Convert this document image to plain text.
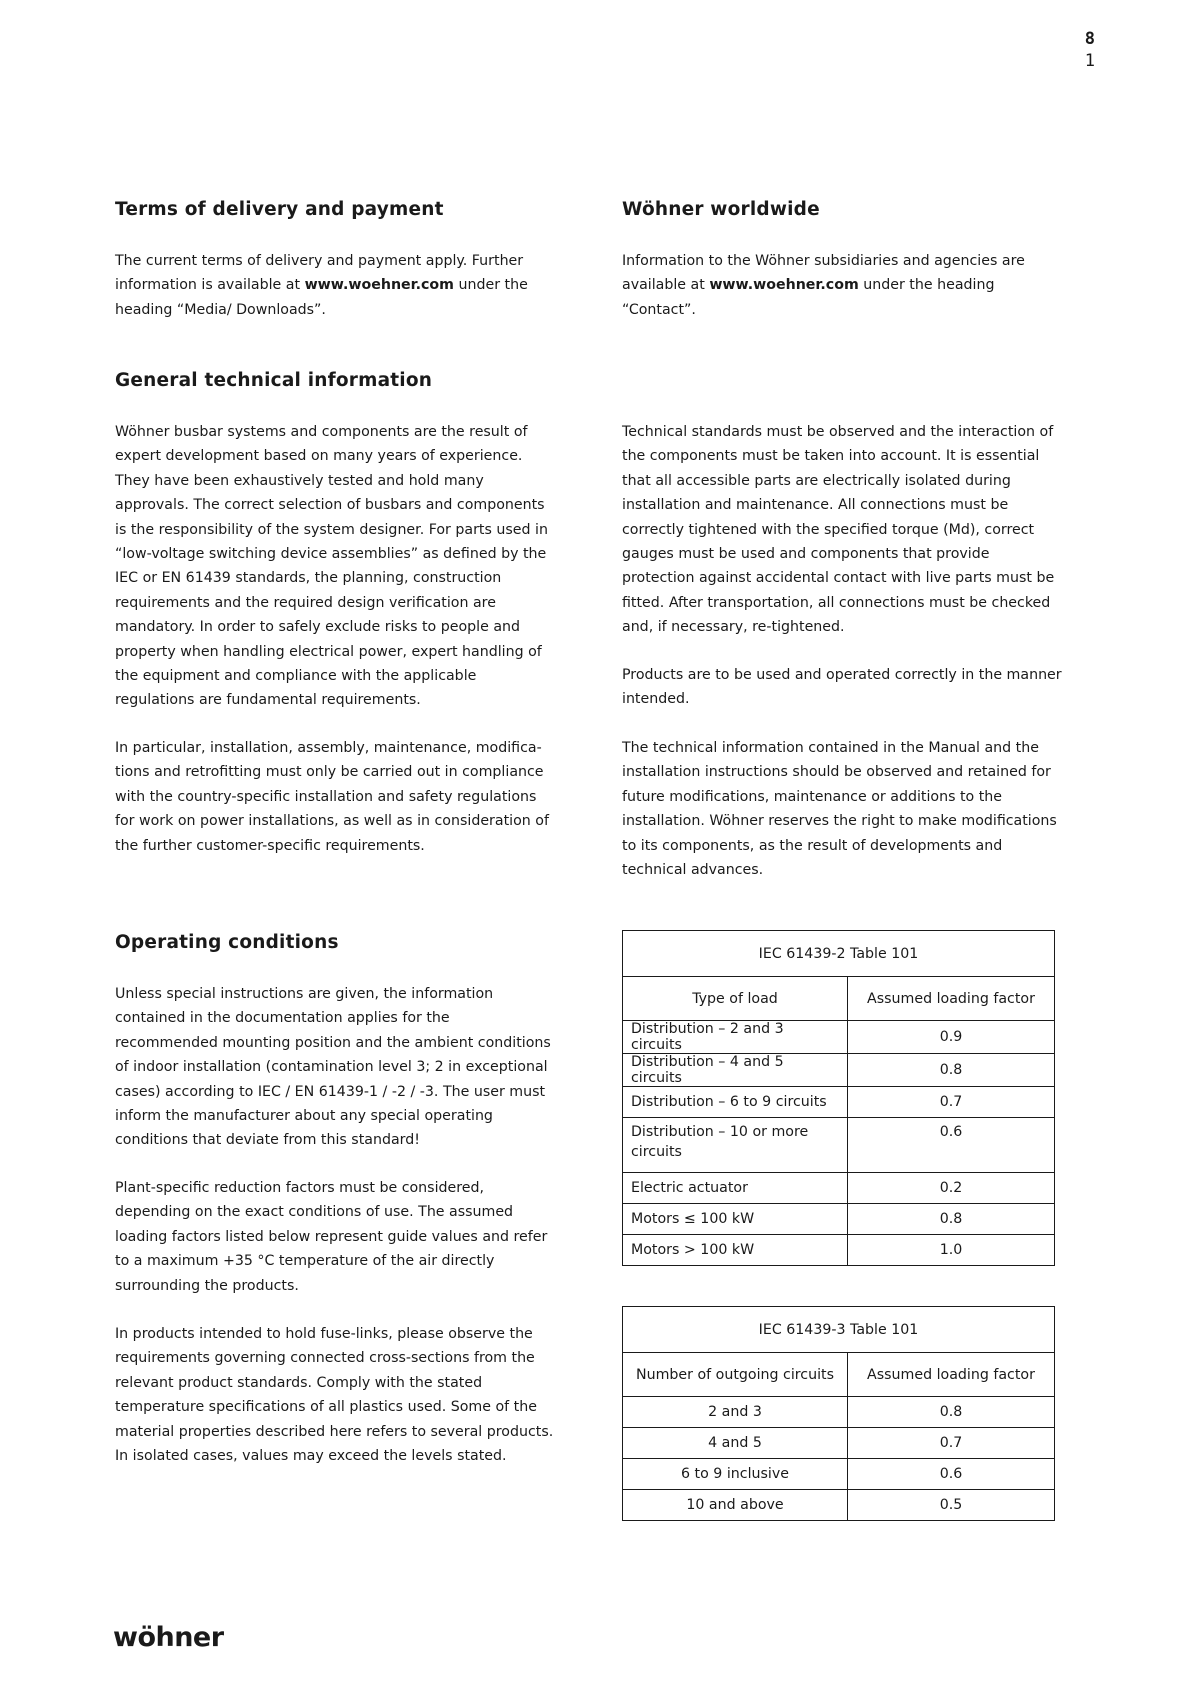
8
1
Terms of delivery and payment

The current terms of delivery and payment apply. Further information is available at www.woehner.com under the heading “Media/ Downloads”.

Wöhner worldwide

Information to the Wöhner subsidiaries and agencies are available at www.woehner.com under the heading “Contact”.

General technical information

Wöhner busbar systems and components are the result of expert development based on many years of experience. They have been exhaustively tested and hold many approvals. The correct selection of busbars and components is the responsibility of the system designer. For parts used in “low-voltage switching device assemblies” as defined by the IEC or EN 61439 standards, the planning, construction requirements and the required design verification are mandatory. In order to safely exclude risks to people and property when handling electrical power, expert handling of the equipment and compliance with the applicable regulations are fundamental requirements.

In particular, installation, assembly, maintenance, modifica-tions and retrofitting must only be carried out in compliance with the country-specific installation and safety regulations for work on power installations, as well as in consideration of the further customer-specific requirements.

Technical standards must be observed and the interaction of the components must be taken into account. It is essential that all accessible parts are electrically isolated during installation and maintenance. All connections must be correctly tightened with the specified torque (Md), correct gauges must be used and components that provide protection against accidental contact with live parts must be fitted. After transportation, all connections must be checked and, if necessary, re-tightened.

Products are to be used and operated correctly in the manner intended.

The technical information contained in the Manual and the installation instructions should be observed and retained for future modifications, maintenance or additions to the installation. Wöhner reserves the right to make modifications to its components, as the result of developments and technical advances.

Operating conditions

Unless special instructions are given, the information contained in the documentation applies for the recommended mounting position and the ambient conditions of indoor installation (contamination level 3; 2 in exceptional cases) according to IEC / EN 61439-1 / -2 / -3. The user must inform the manufacturer about any special operating conditions that deviate from this standard!

Plant-specific reduction factors must be considered, depending on the exact conditions of use. The assumed loading factors listed below represent guide values and refer to a maximum +35 °C temperature of the air directly surrounding the products.

In products intended to hold fuse-links, please observe the requirements governing connected cross-sections from the relevant product standards. Comply with the stated temperature specifications of all plastics used. Some of the material properties described here refers to several products. In isolated cases, values may exceed the levels stated.

IEC 61439-2 Table 101	
Type of load	Assumed loading factor
Distribution – 2 and 3 circuits	0.9
Distribution – 4 and 5 circuits	0.8
Distribution – 6 to 9 circuits	0.7
Distribution – 10 or more circuits	0.6
Electric actuator	0.2
Motors ≤ 100 kW	0.8
Motors > 100 kW	1.0
IEC 61439-3 Table 101	
Number of outgoing circuits	Assumed loading factor
2 and 3	0.8
4 and 5	0.7
6 to 9 inclusive	0.6
10 and above	0.5
wöhner
